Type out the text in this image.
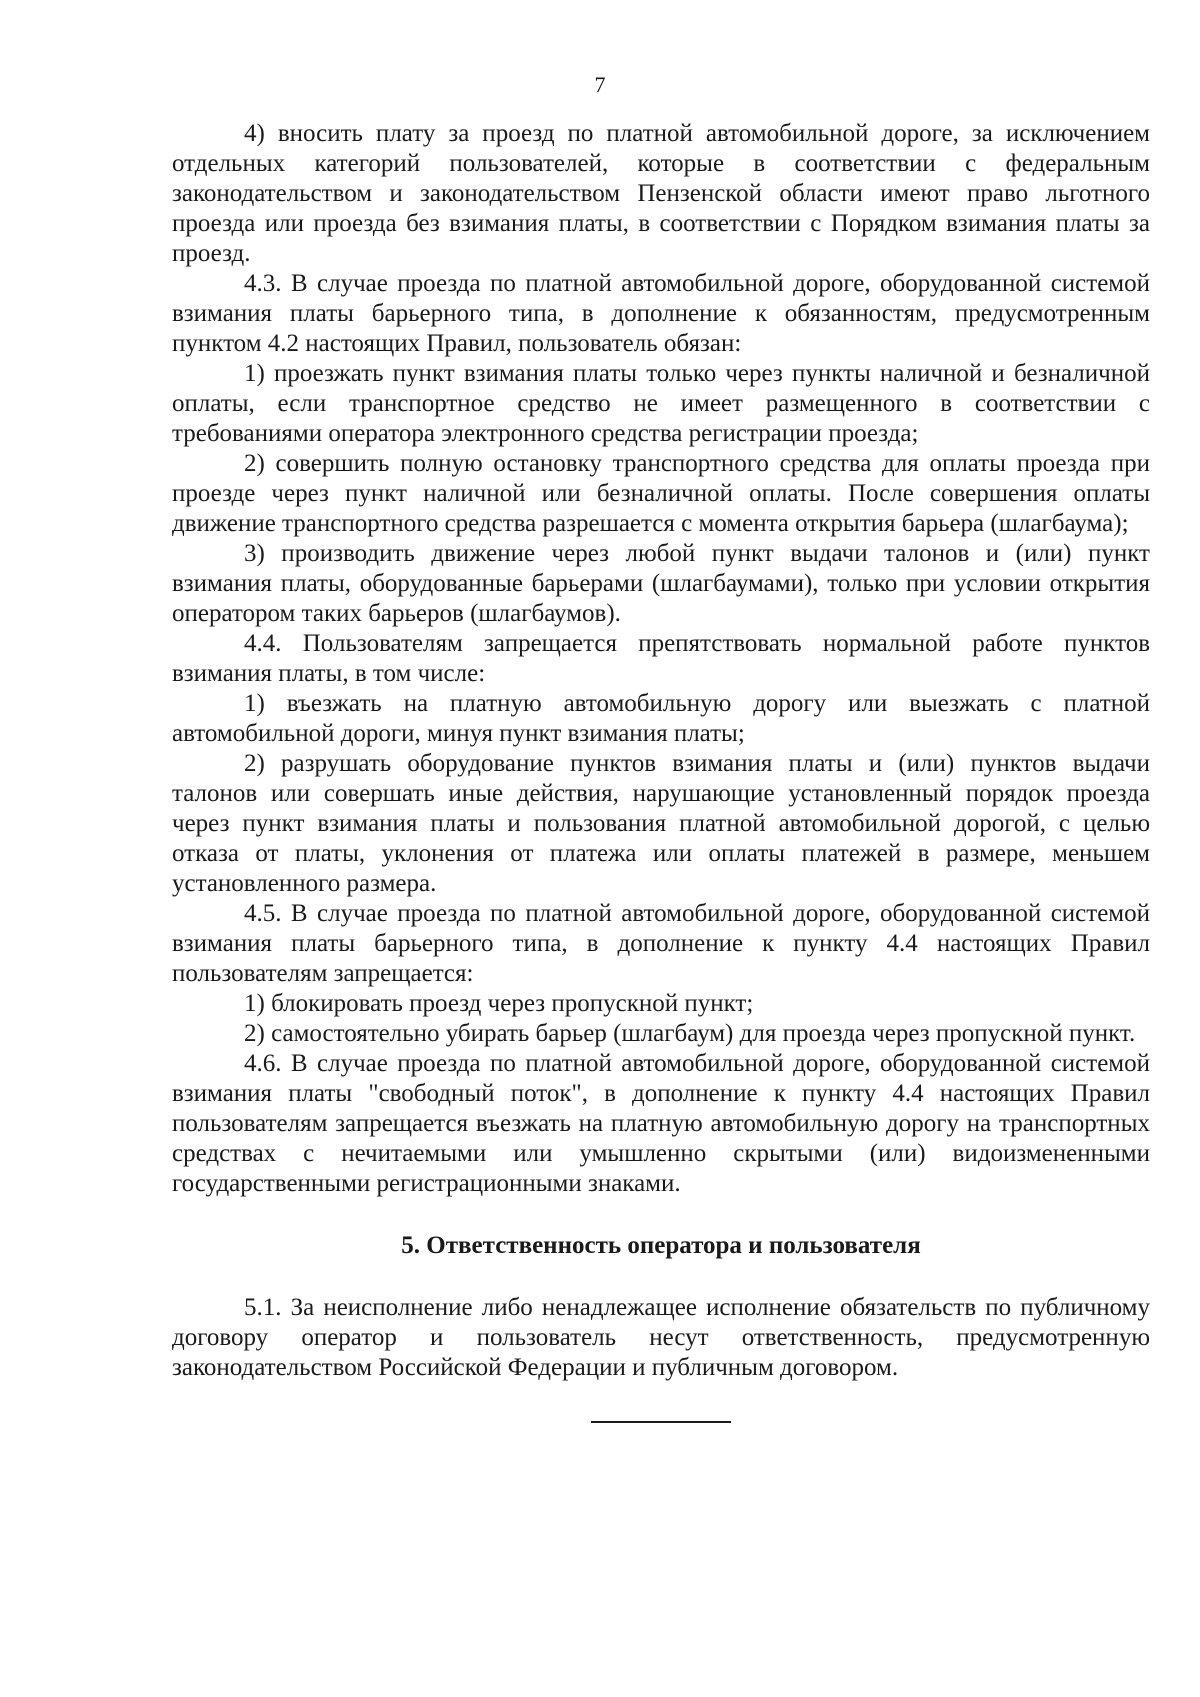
7

4) вносить плату за проезд по платной автомобильной дороге, за исключением отдельных категорий пользователей, которые в соответствии с федеральным законодательством и законодательством Пензенской области имеют право льготного проезда или проезда без взимания платы, в соответствии с Порядком взимания платы за проезд.

4.3. В случае проезда по платной автомобильной дороге, оборудованной системой взимания платы барьерного типа, в дополнение к обязанностям, предусмотренным пунктом 4.2 настоящих Правил, пользователь обязан:

1) проезжать пункт взимания платы только через пункты наличной и безналичной оплаты, если транспортное средство не имеет размещенного в соответствии с требованиями оператора электронного средства регистрации проезда;

2) совершить полную остановку транспортного средства для оплаты проезда при проезде через пункт наличной или безналичной оплаты. После совершения оплаты движение транспортного средства разрешается с момента открытия барьера (шлагбаума);

3) производить движение через любой пункт выдачи талонов и (или) пункт взимания платы, оборудованные барьерами (шлагбаумами), только при условии открытия оператором таких барьеров (шлагбаумов).

4.4. Пользователям запрещается препятствовать нормальной работе пунктов взимания платы, в том числе:

1) въезжать на платную автомобильную дорогу или выезжать с платной автомобильной дороги, минуя пункт взимания платы;

2) разрушать оборудование пунктов взимания платы и (или) пунктов выдачи талонов или совершать иные действия, нарушающие установленный порядок проезда через пункт взимания платы и пользования платной автомобильной дорогой, с целью отказа от платы, уклонения от платежа или оплаты платежей в размере, меньшем установленного размера.

4.5. В случае проезда по платной автомобильной дороге, оборудованной системой взимания платы барьерного типа, в дополнение к пункту 4.4 настоящих Правил пользователям запрещается:

1) блокировать проезд через пропускной пункт;

2) самостоятельно убирать барьер (шлагбаум) для проезда через пропускной пункт.

4.6. В случае проезда по платной автомобильной дороге, оборудованной системой взимания платы "свободный поток", в дополнение к пункту 4.4 настоящих Правил пользователям запрещается въезжать на платную автомобильную дорогу на транспортных средствах с нечитаемыми или умышленно скрытыми (или) видоизмененными государственными регистрационными знаками.

5. Ответственность оператора и пользователя

5.1. За неисполнение либо ненадлежащее исполнение обязательств по публичному договору оператор и пользователь несут ответственность, предусмотренную законодательством Российской Федерации и публичным договором.
